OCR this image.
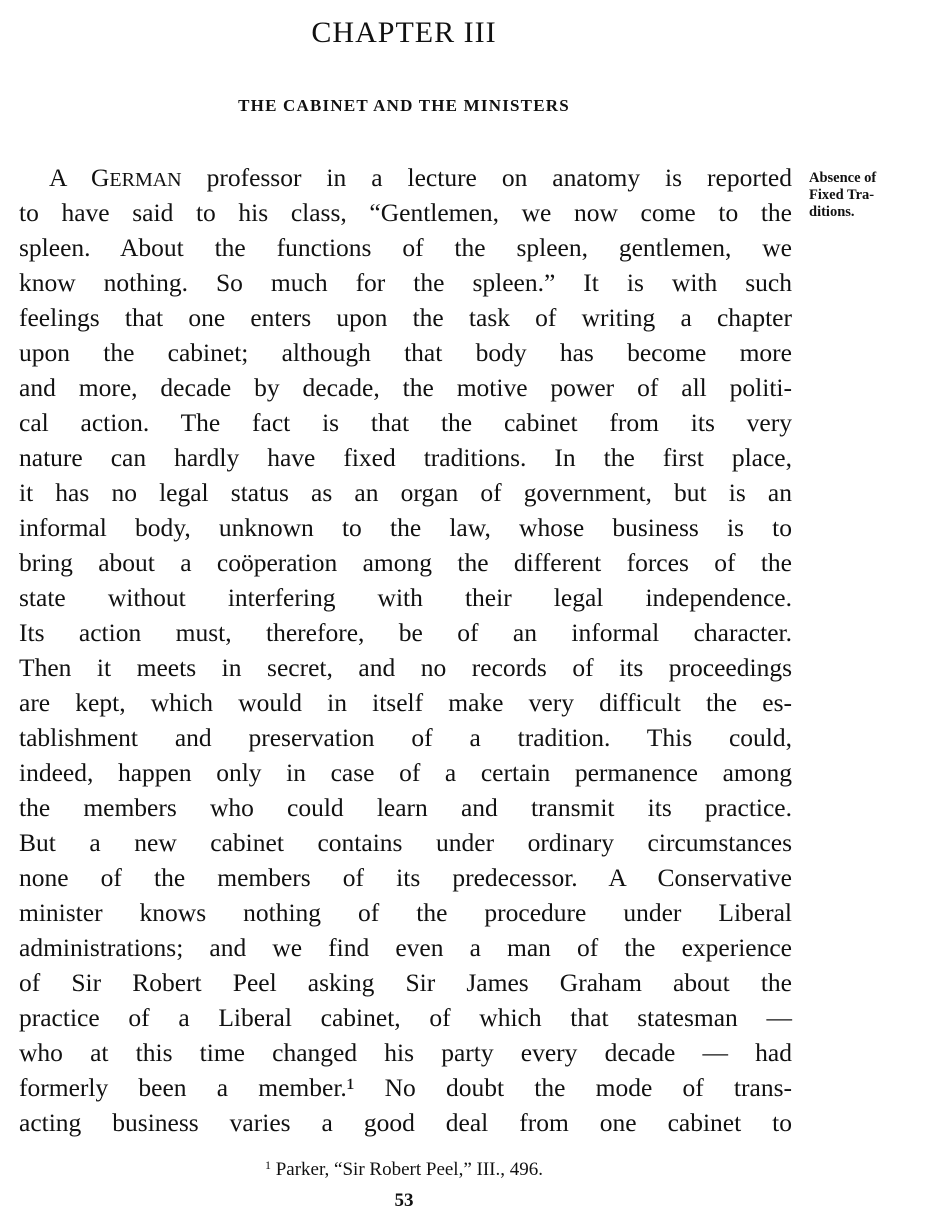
CHAPTER III
THE CABINET AND THE MINISTERS
A GERMAN professor in a lecture on anatomy is reported
to have said to his class, “Gentlemen, we now come to the
spleen. About the functions of the spleen, gentlemen, we
know nothing. So much for the spleen.” It is with such
feelings that one enters upon the task of writing a chapter
upon the cabinet; although that body has become more
and more, decade by decade, the motive power of all politi-
cal action. The fact is that the cabinet from its very
nature can hardly have fixed traditions. In the first place,
it has no legal status as an organ of government, but is an
informal body, unknown to the law, whose business is to
bring about a coöperation among the different forces of the
state without interfering with their legal independence.
Its action must, therefore, be of an informal character.
Then it meets in secret, and no records of its proceedings
are kept, which would in itself make very difficult the es-
tablishment and preservation of a tradition. This could,
indeed, happen only in case of a certain permanence among
the members who could learn and transmit its practice.
But a new cabinet contains under ordinary circumstances
none of the members of its predecessor. A Conservative
minister knows nothing of the procedure under Liberal
administrations; and we find even a man of the experience
of Sir Robert Peel asking Sir James Graham about the
practice of a Liberal cabinet, of which that statesman —
who at this time changed his party every decade — had
formerly been a member.¹ No doubt the mode of trans-
acting business varies a good deal from one cabinet to
Absence of
Fixed Tra-
ditions.

$^1$ Parker, “Sir Robert Peel,” III., 496.

53
